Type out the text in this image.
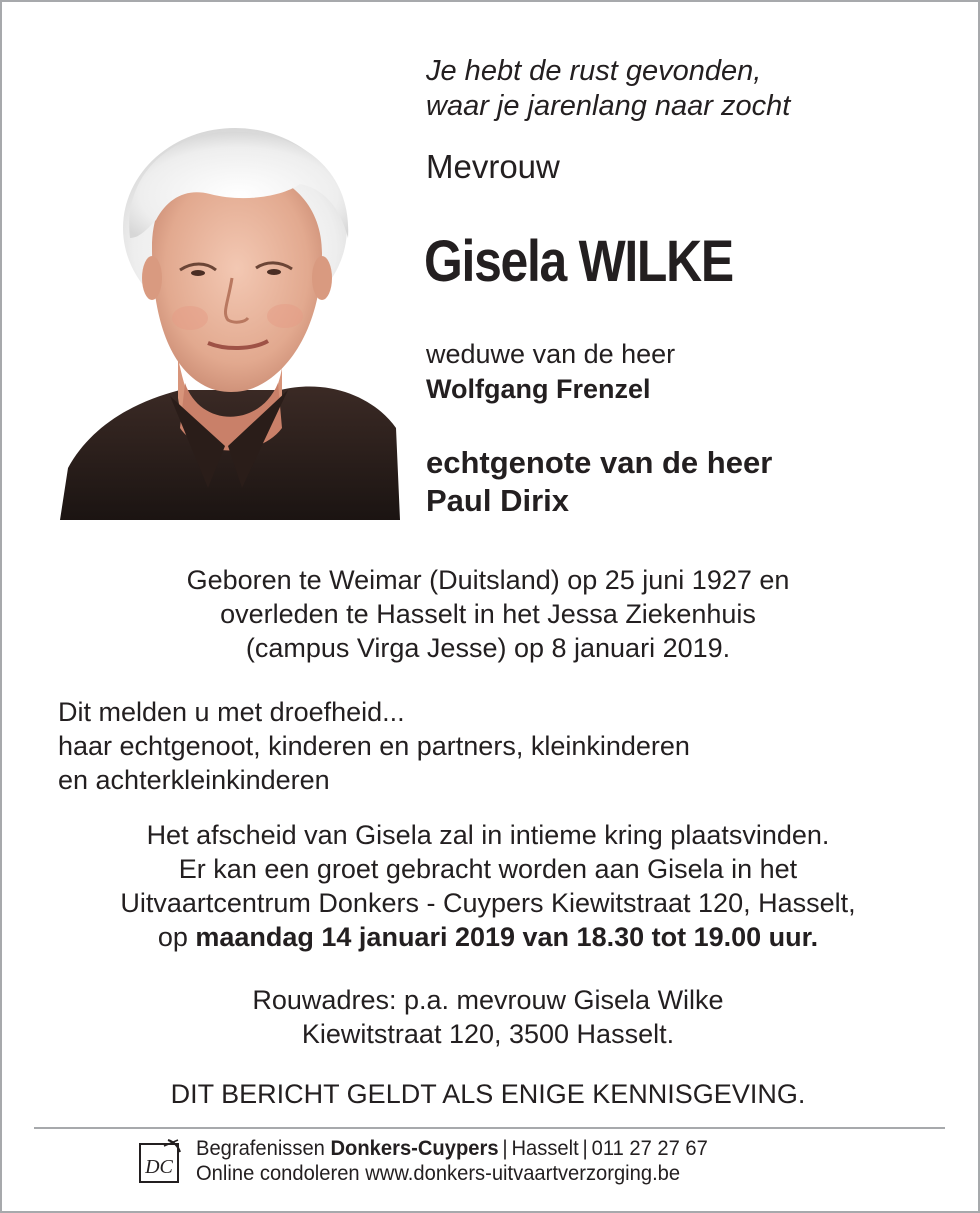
Je hebt de rust gevonden,
waar je jarenlang naar zocht
Mevrouw
Gisela WILKE
weduwe van de heer
Wolfgang Frenzel
echtgenote van de heer
Paul Dirix
Geboren te Weimar (Duitsland) op 25 juni 1927 en
overleden te Hasselt in het Jessa Ziekenhuis
(campus Virga Jesse) op 8 januari 2019.
Dit melden u met droefheid...
haar echtgenoot, kinderen en partners, kleinkinderen
en achterkleinkinderen
Het afscheid van Gisela zal in intieme kring plaatsvinden.
Er kan een groet gebracht worden aan Gisela in het
Uitvaartcentrum Donkers - Cuypers Kiewitstraat 120, Hasselt,
op maandag 14 januari 2019 van 18.30 tot 19.00 uur.
Rouwadres: p.a. mevrouw Gisela Wilke
Kiewitstraat 120, 3500 Hasselt.
DIT BERICHT GELDT ALS ENIGE KENNISGEVING.
DC
Begrafenissen Donkers-Cuypers | Hasselt | 011 27 27 67
Online condoleren www.donkers-uitvaartverzorging.be
